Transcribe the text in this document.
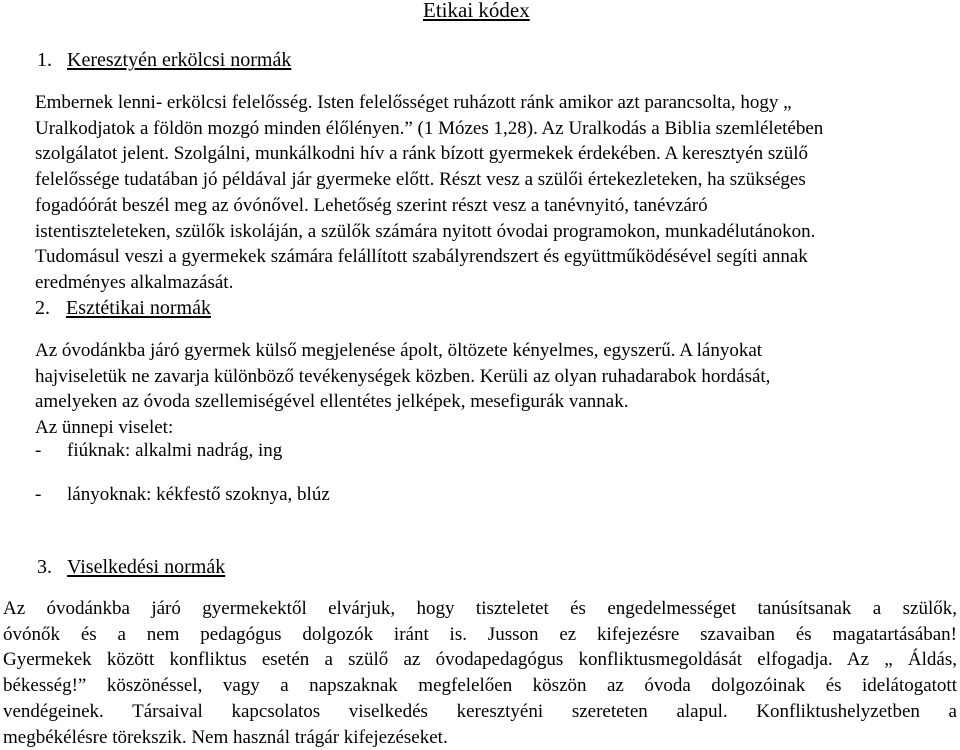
Etikai kódex
1. Keresztyén erkölcsi normák
Embernek lenni- erkölcsi felelősség. Isten felelősséget ruházott ránk amikor azt parancsolta, hogy „
Uralkodjatok a földön mozgó minden élőlényen.” (1 Mózes 1,28). Az Uralkodás a Biblia szemléletében
szolgálatot jelent. Szolgálni, munkálkodni hív a ránk bízott gyermekek érdekében. A keresztyén szülő
felelőssége tudatában jó példával jár gyermeke előtt. Részt vesz a szülői értekezleteken, ha szükséges
fogadóórát beszél meg az óvónővel. Lehetőség szerint részt vesz a tanévnyitó, tanévzáró
istentiszteleteken, szülők iskoláján, a szülők számára nyitott óvodai programokon, munkadélutánokon.
Tudomásul veszi a gyermekek számára felállított szabályrendszert és együttműködésével segíti annak
eredményes alkalmazását.
2. Esztétikai normák
Az óvodánkba járó gyermek külső megjelenése ápolt, öltözete kényelmes, egyszerű. A lányokat
hajviseletük ne zavarja különböző tevékenységek közben. Kerüli az olyan ruhadarabok hordását,
amelyeken az óvoda szellemiségével ellentétes jelképek, mesefigurák vannak.
Az ünnepi viselet:
- fiúknak: alkalmi nadrág, ing
- lányoknak: kékfestő szoknya, blúz
3. Viselkedési normák
Az óvodánkba járó gyermekektől elvárjuk, hogy tiszteletet és engedelmességet tanúsítsanak a szülők,
óvónők és a nem pedagógus dolgozók iránt is. Jusson ez kifejezésre szavaiban és magatartásában!
Gyermekek között konfliktus esetén a szülő az óvodapedagógus konfliktusmegoldását elfogadja. Az „ Áldás,
békesség!” köszönéssel, vagy a napszaknak megfelelően köszön az óvoda dolgozóinak és idelátogatott
vendégeinek. Társaival kapcsolatos viselkedés keresztyéni szereteten alapul. Konfliktushelyzetben a
megbékélésre törekszik. Nem használ trágár kifejezéseket.
